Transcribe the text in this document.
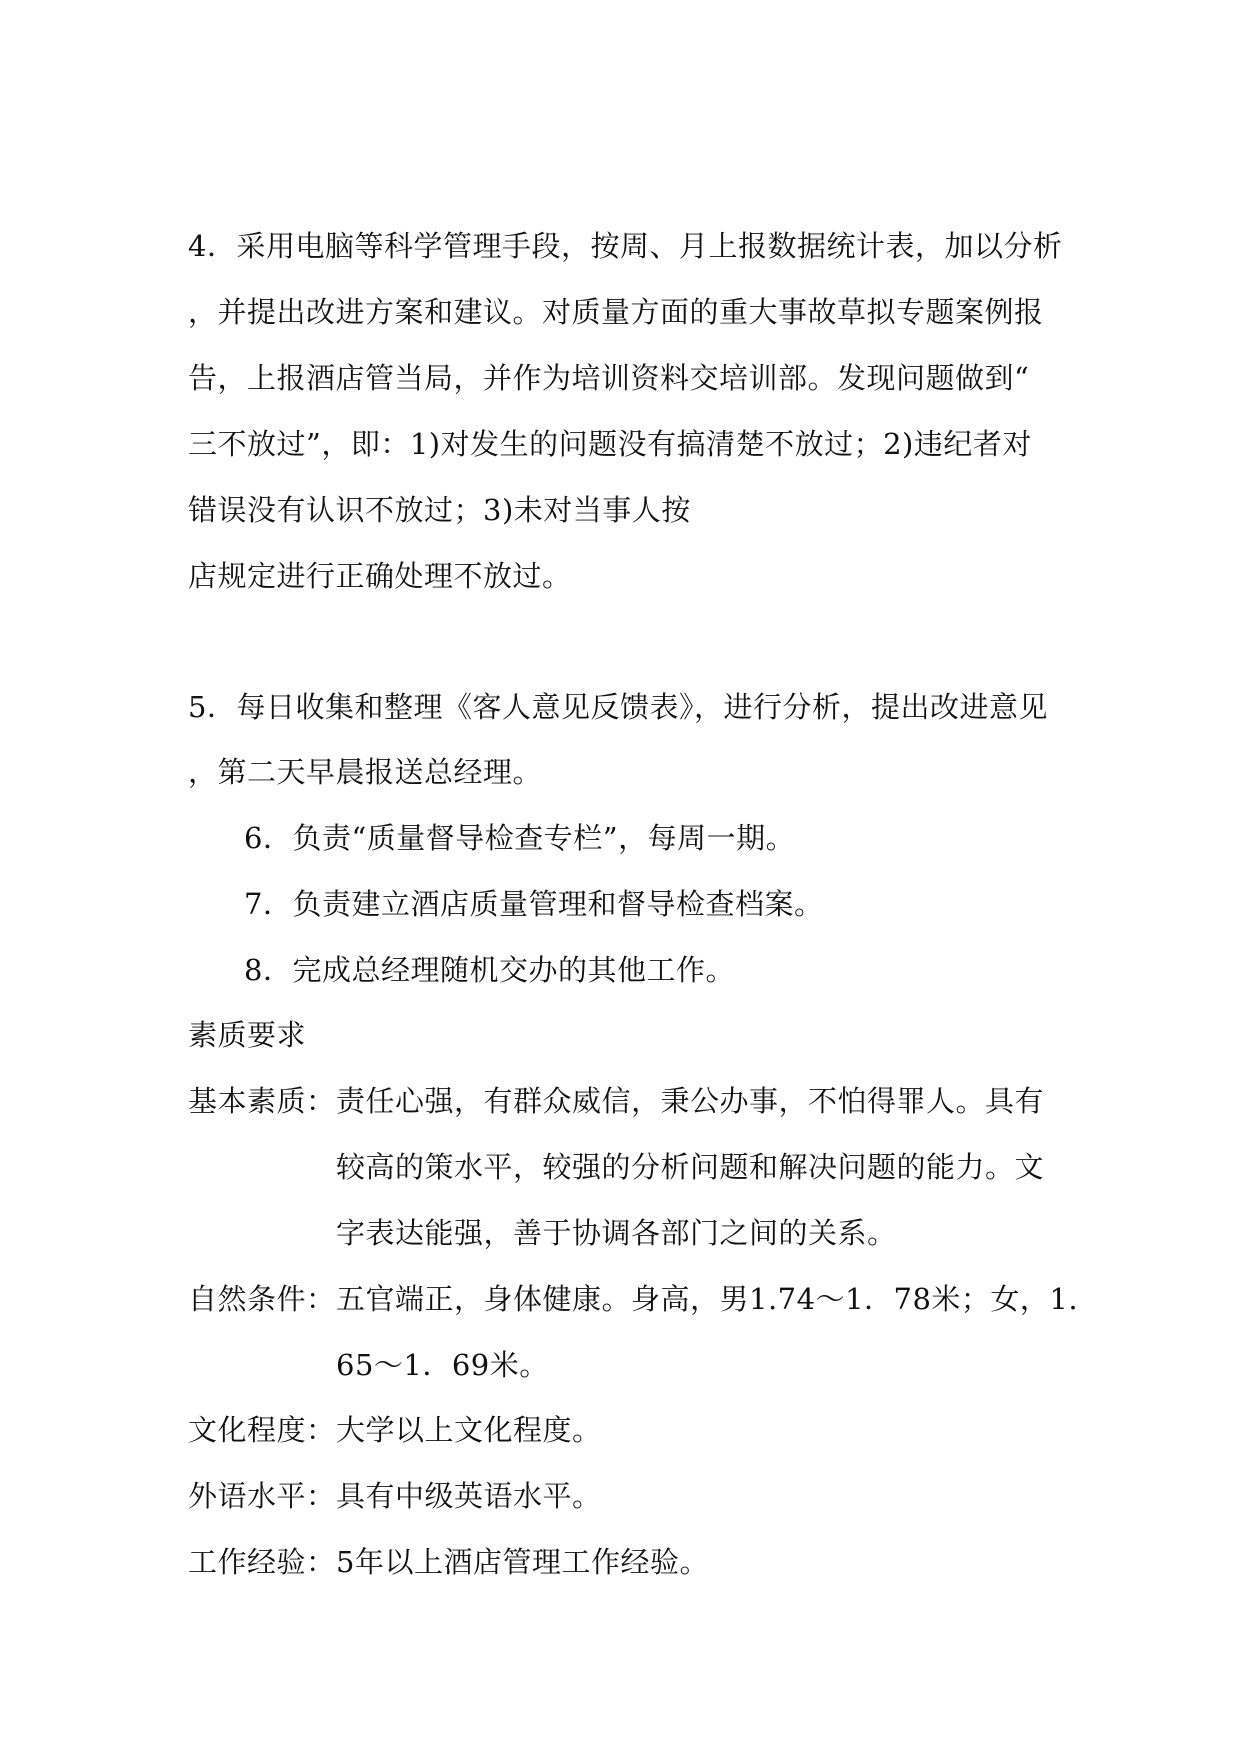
4．采用电脑等科学管理手段，按周、月上报数据统计表，加以分析
，并提出改进方案和建议。对质量方面的重大事故草拟专题案例报
告，上报酒店管当局，并作为培训资料交培训部。发现问题做到“
三不放过”，即：1)对发生的问题没有搞清楚不放过；2)违纪者对
错误没有认识不放过；3)未对当事人按
店规定进行正确处理不放过。
5．每日收集和整理《客人意见反馈表》，进行分析，提出改进意见
，第二天早晨报送总经理。
6．负责“质量督导检查专栏”，每周一期。
7．负责建立酒店质量管理和督导检查档案。
8．完成总经理随机交办的其他工作。
素质要求
基本素质： 责任心强，有群众威信，秉公办事，不怕得罪人。具有
较高的策水平，较强的分析问题和解决问题的能力。文
字表达能强，善于协调各部门之间的关系。
自然条件： 五官端正，身体健康。身高，男1.74～1．78米；女，1.
65～1．69米。
文化程度： 大学以上文化程度。
外语水平： 具有中级英语水平。
工作经验： 5年以上酒店管理工作经验。
